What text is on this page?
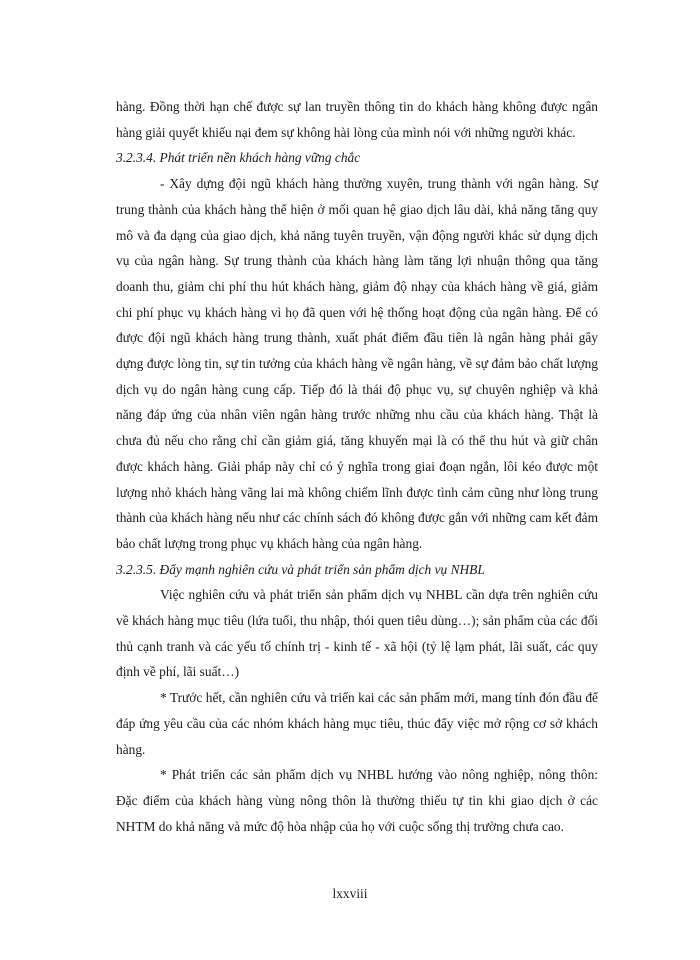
hàng. Đồng thời hạn chế được sự lan truyền thông tin do khách hàng không được ngân hàng giải quyết khiếu nại đem sự không hài lòng của mình nói với những người khác.

3.2.3.4. Phát triển nền khách hàng vững chắc

- Xây dựng đội ngũ khách hàng thường xuyên, trung thành với ngân hàng. Sự trung thành của khách hàng thể hiện ở mối quan hệ giao dịch lâu dài, khả năng tăng quy mô và đa dạng của giao dịch, khả năng tuyên truyền, vận động người khác sử dụng dịch vụ của ngân hàng. Sự trung thành của khách hàng làm tăng lợi nhuận thông qua tăng doanh thu, giảm chi phí thu hút khách hàng, giảm độ nhạy của khách hàng về giá, giảm chi phí phục vụ khách hàng vì họ đã quen với hệ thống hoạt động của ngân hàng. Để có được đội ngũ khách hàng trung thành, xuất phát điểm đầu tiên là ngân hàng phải gây dựng được lòng tin, sự tin tưởng của khách hàng về ngân hàng, về sự đảm bảo chất lượng dịch vụ do ngân hàng cung cấp. Tiếp đó là thái độ phục vụ, sự chuyên nghiệp và khả năng đáp ứng của nhân viên ngân hàng trước những nhu cầu của khách hàng. Thật là chưa đủ nếu cho rằng chỉ cần giảm giá, tăng khuyến mại là có thể thu hút và giữ chân được khách hàng. Giải pháp này chỉ có ý nghĩa trong giai đoạn ngắn, lôi kéo được một lượng nhỏ khách hàng vãng lai mà không chiếm lĩnh được tình cảm cũng như lòng trung thành của khách hàng nếu như các chính sách đó không được gắn với những cam kết đảm bảo chất lượng trong phục vụ khách hàng của ngân hàng.

3.2.3.5. Đẩy mạnh nghiên cứu và phát triển sản phẩm dịch vụ NHBL

Việc nghiên cứu và phát triển sản phẩm dịch vụ NHBL cần dựa trên nghiên cứu về khách hàng mục tiêu (lứa tuổi, thu nhập, thói quen tiêu dùng…); sản phẩm của các đối thủ cạnh tranh và các yếu tố chính trị - kinh tế - xã hội (tỷ lệ lạm phát, lãi suất, các quy định về phí, lãi suất…)

* Trước hết, cần nghiên cứu và triển kai các sản phẩm mới, mang tính đón đầu để đáp ứng yêu cầu của các nhóm khách hàng mục tiêu, thúc đẩy việc mở rộng cơ sở khách hàng.

* Phát triển các sản phẩm dịch vụ NHBL hướng vào nông nghiệp, nông thôn: Đặc điểm của khách hàng vùng nông thôn là thường thiếu tự tin khi giao dịch ở các NHTM do khả năng và mức độ hòa nhập của họ với cuộc sống thị trường chưa cao.

lxxviii
